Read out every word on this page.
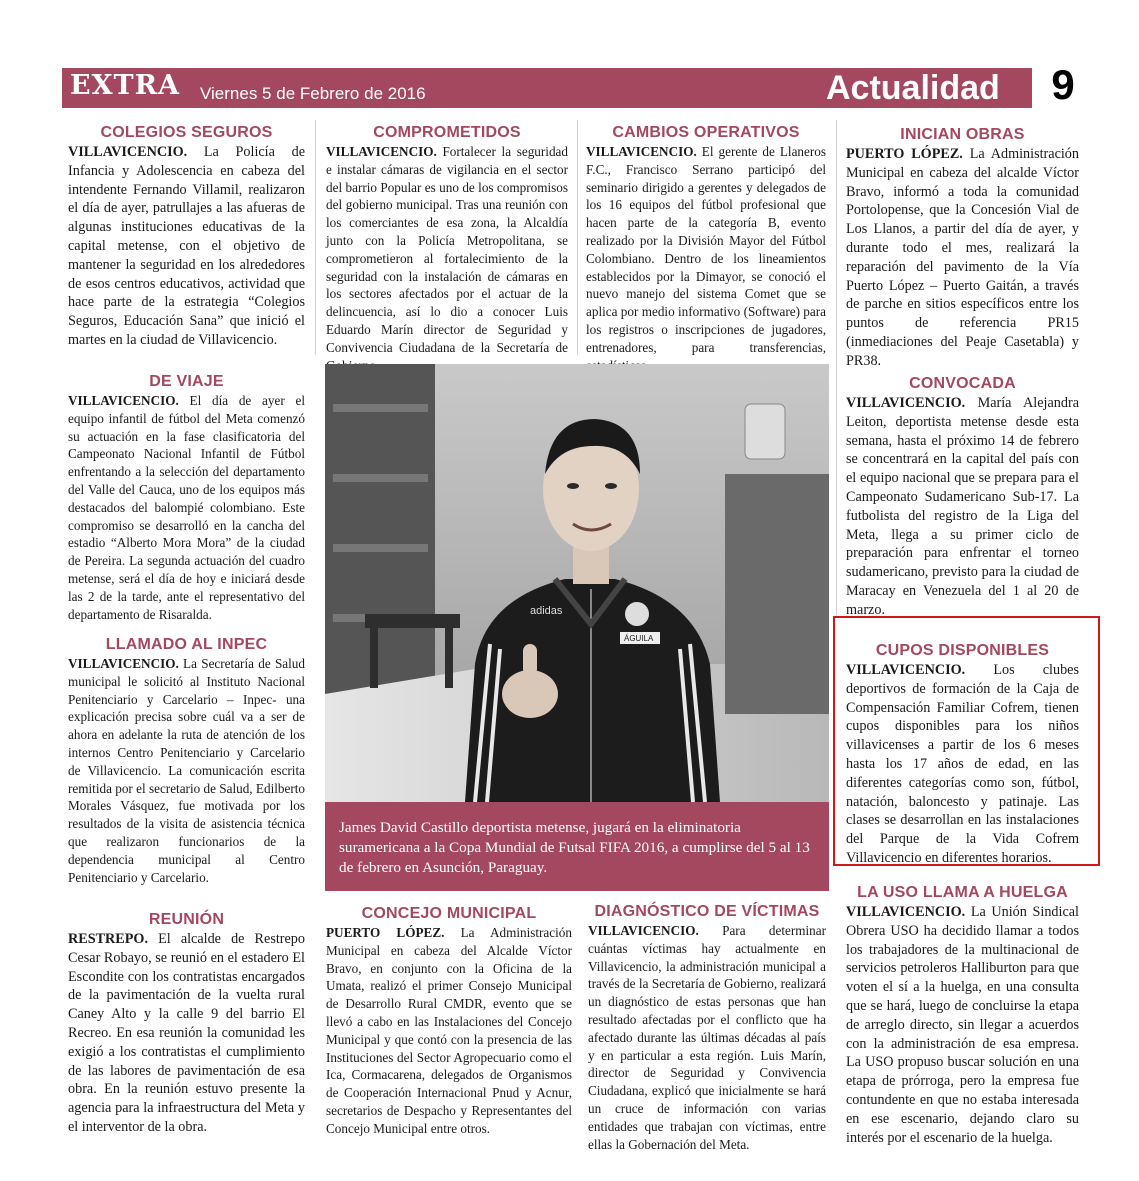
EXTRA Viernes 5 de Febrero de 2016	Actualidad	9
COLEGIOS SEGUROS

VILLAVICENCIO. La Policía de Infancia y Adolescencia en cabeza del intendente Fernando Villamil, realizaron el día de ayer, patrullajes a las afueras de algunas instituciones educativas de la capital metense, con el objetivo de mantener la seguridad en los alrededores de esos centros educativos, actividad que hace parte de la estrategia “Colegios Seguros, Educación Sana” que inició el martes en la ciudad de Villavicencio.

DE VIAJE

VILLAVICENCIO. El día de ayer el equipo infantil de fútbol del Meta comenzó su actuación en la fase clasificatoria del Campeonato Nacional Infantil de Fútbol enfrentando a la selección del departamento del Valle del Cauca, uno de los equipos más destacados del balompié colombiano. Este compromiso se desarrolló en la cancha del estadio “Alberto Mora Mora” de la ciudad de Pereira. La segunda actuación del cuadro metense, será el día de hoy e iniciará desde las 2 de la tarde, ante el representativo del departamento de Risaralda.

LLAMADO AL INPEC

VILLAVICENCIO. La Secretaría de Salud municipal le solicitó al Instituto Nacional Penitenciario y Carcelario – Inpec- una explicación precisa sobre cuál va a ser de ahora en adelante la ruta de atención de los internos Centro Penitenciario y Carcelario de Villavicencio. La comunicación escrita remitida por el secretario de Salud, Edilberto Morales Vásquez, fue motivada por los resultados de la visita de asistencia técnica que realizaron funcionarios de la dependencia municipal al Centro Penitenciario y Carcelario.

REUNIÓN

RESTREPO. El alcalde de Restrepo Cesar Robayo, se reunió en el estadero El Escondite con los contratistas encargados de la pavimentación de la vuelta rural Caney Alto y la calle 9 del barrio El Recreo. En esa reunión la comunidad les exigió a los contratistas el cumplimiento de las labores de pavimentación de esa obra. En la reunión estuvo presente la agencia para la infraestructura del Meta y el interventor de la obra.

COMPROMETIDOS

VILLAVICENCIO. Fortalecer la seguridad e instalar cámaras de vigilancia en el sector del barrio Popular es uno de los compromisos del gobierno municipal. Tras una reunión con los comerciantes de esa zona, la Alcaldía junto con la Policía Metropolitana, se comprometieron al fortalecimiento de la seguridad con la instalación de cámaras en los sectores afectados por el actuar de la delincuencia, así lo dio a conocer Luis Eduardo Marín director de Seguridad y Convivencia Ciudadana de la Secretaría de

CAMBIOS OPERATIVOS

VILLAVICENCIO. El gerente de Llaneros F.C., Francisco Serrano participó del seminario dirigido a gerentes y delegados de los 16 equipos del fútbol profesional que hacen parte de la categoría B, evento realizado por la División Mayor del Fútbol Colombiano. Dentro de los lineamientos establecidos por la Dimayor, se conoció el nuevo manejo del sistema Comet que se aplica por medio informativo (Software) para los registros o inscripciones de jugadores, entrenadores, para transferencias,

adidas
ÁGUILA
James David Castillo deportista metense, jugará en la eliminatoria suramericana a la Copa Mundial de Futsal FIFA 2016, a cumplirse del 5 al 13 de febrero en Asunción, Paraguay.
CONCEJO MUNICIPAL

PUERTO LÓPEZ. La Administración Municipal en cabeza del Alcalde Víctor Bravo, en conjunto con la Oficina de la Umata, realizó el primer Consejo Municipal de Desarrollo Rural CMDR, evento que se llevó a cabo en las Instalaciones del Concejo Municipal y que contó con la presencia de las Instituciones del Sector Agropecuario como el Ica, Cormacarena, delegados de Organismos de Cooperación Internacional Pnud y Acnur, secretarios de Despacho y Representantes del Concejo Municipal entre otros.

DIAGNÓSTICO DE VÍCTIMAS

VILLAVICENCIO. Para determinar cuántas víctimas hay actualmente en Villavicencio, la administración municipal a través de la Secretaría de Gobierno, realizará un diagnóstico de estas personas que han resultado afectadas por el conflicto que ha afectado durante las últimas décadas al país y en particular a esta región. Luis Marín, director de Seguridad y Convivencia Ciudadana, explicó que inicialmente se hará un cruce de información con varias entidades que trabajan con víctimas, entre ellas la Gobernación del Meta.

INICIAN OBRAS

PUERTO LÓPEZ. La Administración Municipal en cabeza del alcalde Víctor Bravo, informó a toda la comunidad Portolopense, que la Concesión Vial de Los Llanos, a partir del día de ayer, y durante todo el mes, realizará la reparación del pavimento de la Vía Puerto López – Puerto Gaitán, a través de parche en sitios específicos entre los puntos de referencia PR15 (inmediaciones del Peaje Casetabla) y PR38.

CONVOCADA

VILLAVICENCIO. María Alejandra Leiton, deportista metense desde esta semana, hasta el próximo 14 de febrero se concentrará en la capital del país con el equipo nacional que se prepara para el Campeonato Sudamericano Sub-17. La futbolista del registro de la Liga del Meta, llega a su primer ciclo de preparación para enfrentar el torneo sudamericano, previsto para la ciudad de Maracay en Venezuela del 1 al 20 de marzo.

CUPOS DISPONIBLES

VILLAVICENCIO. Los clubes deportivos de formación de la Caja de Compensación Familiar Cofrem, tienen cupos disponibles para los niños villavicenses a partir de los 6 meses hasta los 17 años de edad, en las diferentes categorías como son, fútbol, natación, baloncesto y patinaje. Las clases se desarrollan en las instalaciones del Parque de la Vida Cofrem Villavicencio en diferentes horarios.

LA USO LLAMA A HUELGA

VILLAVICENCIO. La Unión Sindical Obrera USO ha decidido llamar a todos los trabajadores de la multinacional de servicios petroleros Halliburton para que voten el sí a la huelga, en una consulta que se hará, luego de concluirse la etapa de arreglo directo, sin llegar a acuerdos con la administración de esa empresa. La USO propuso buscar solución en una etapa de prórroga, pero la empresa fue contundente en que no estaba interesada en ese escenario, dejando claro su interés por el escenario de la huelga.
